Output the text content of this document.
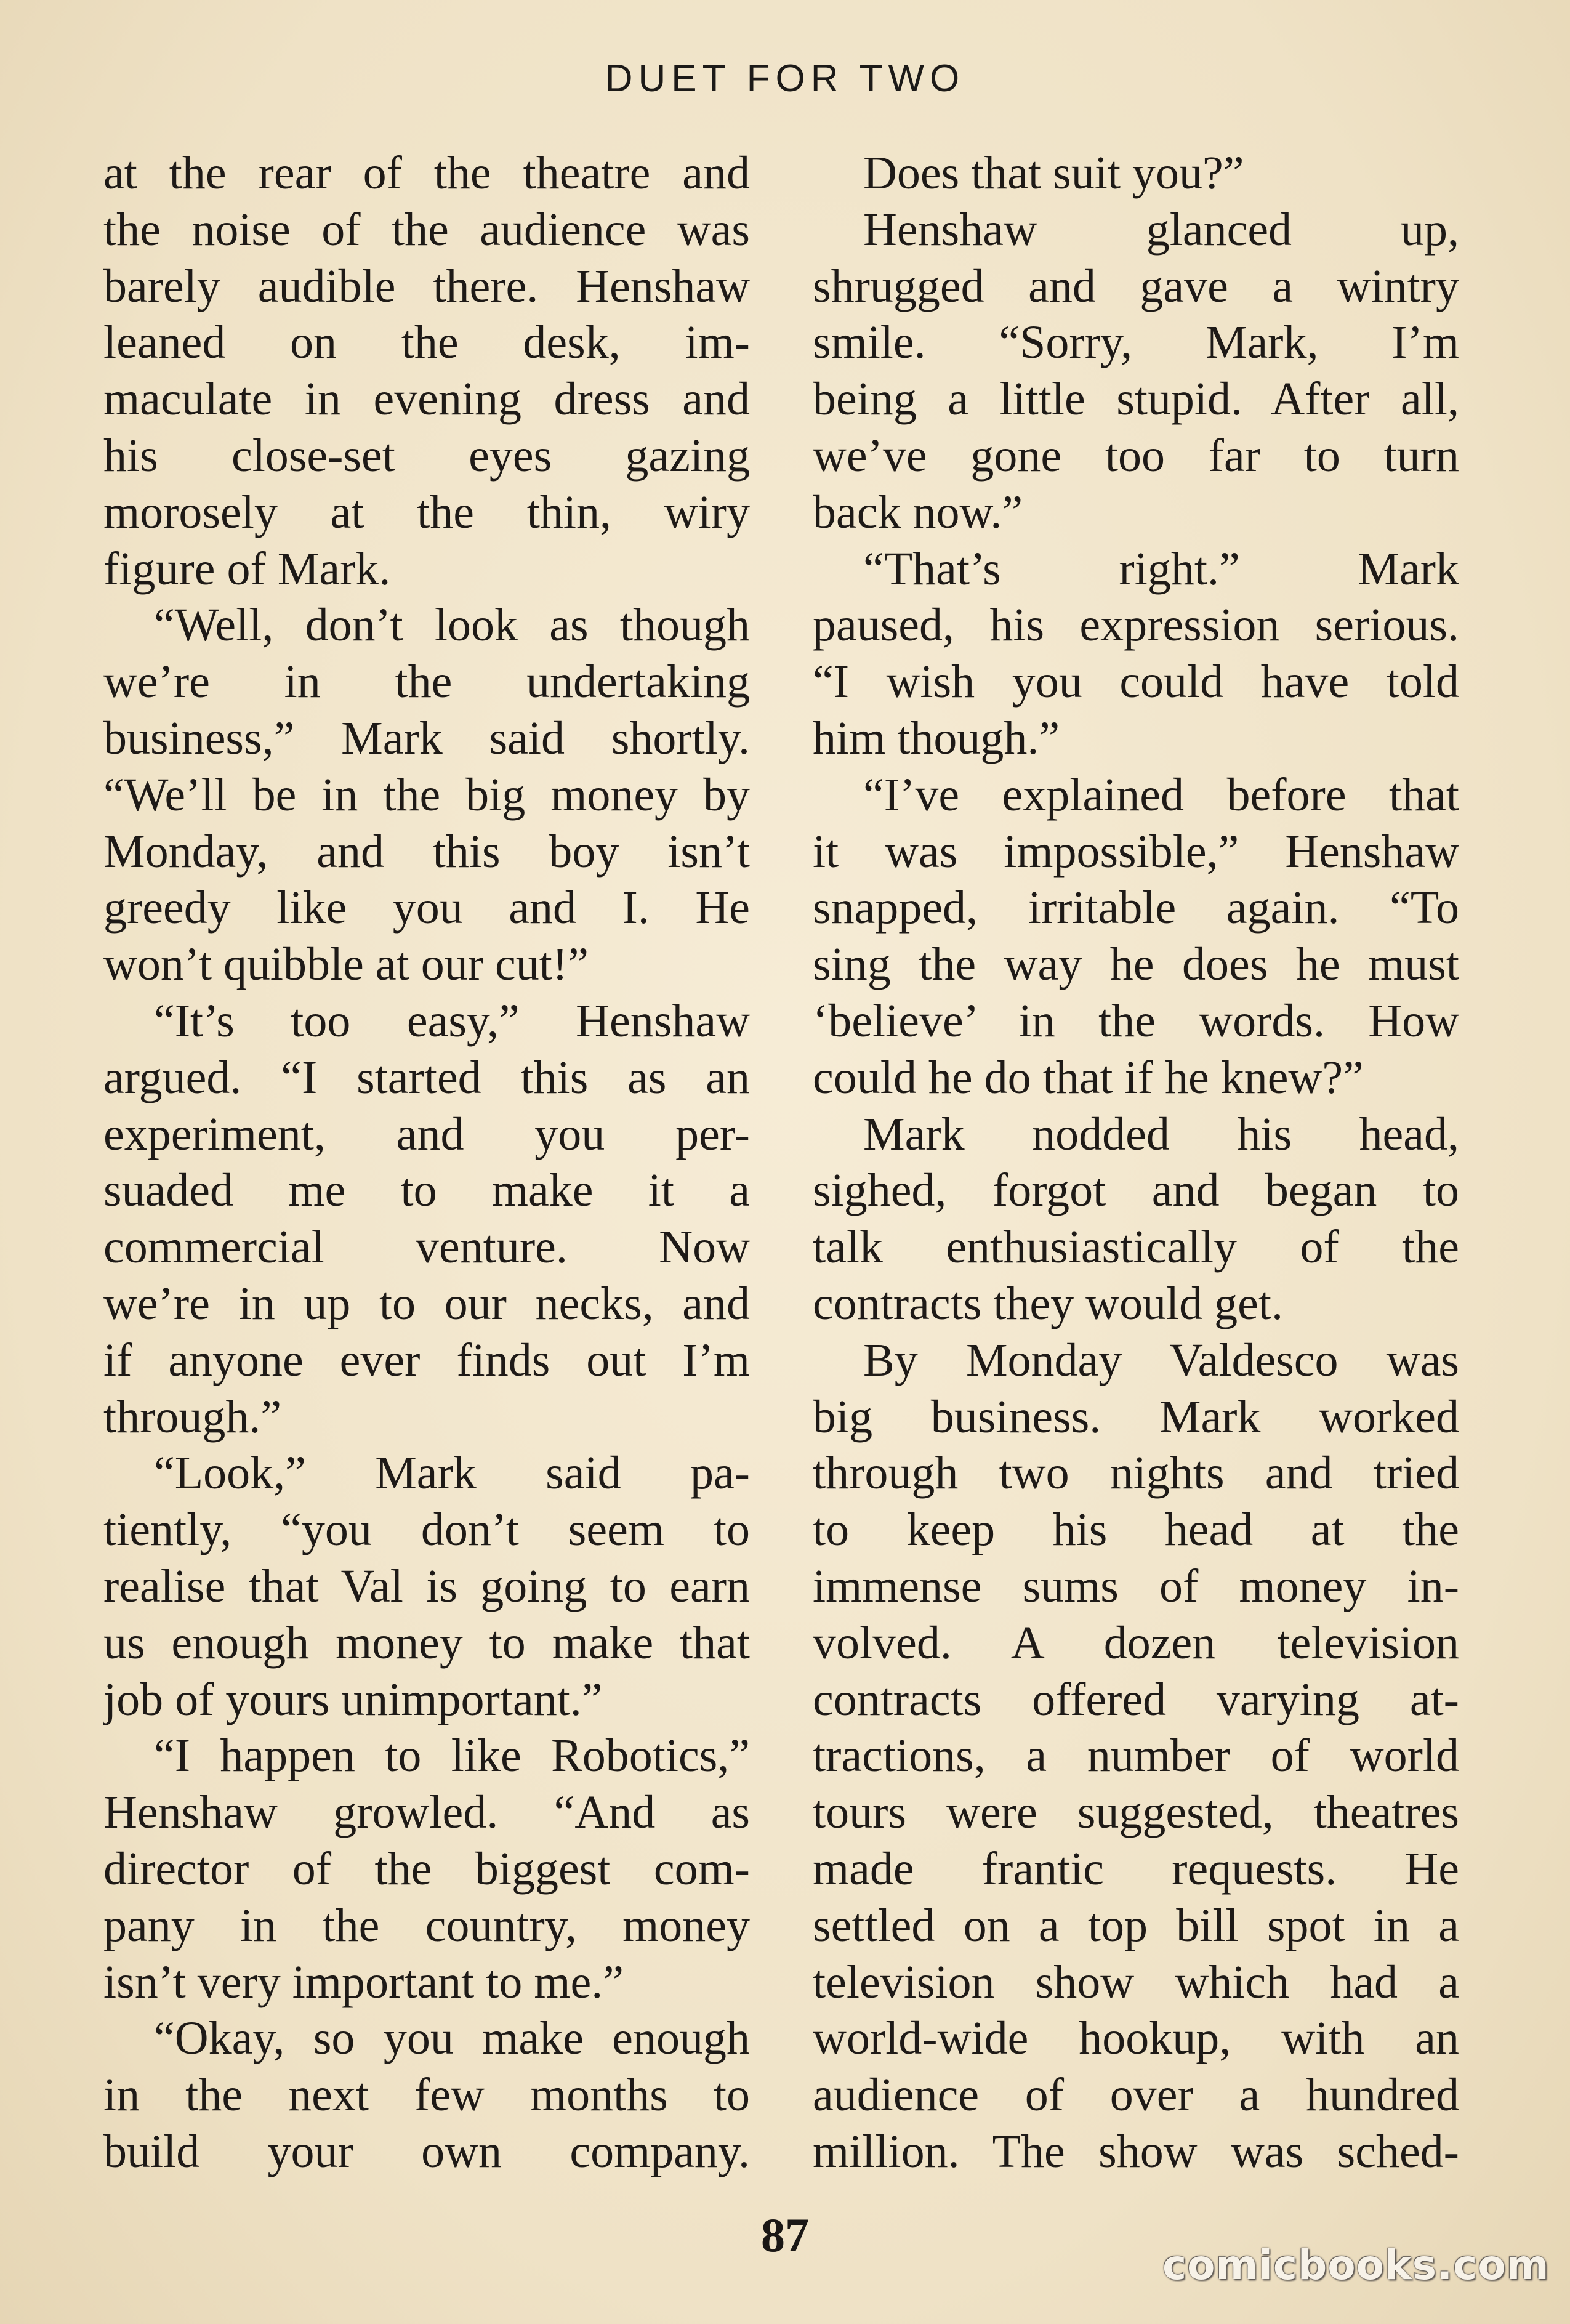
DUET FOR TWO
at the rear of the theatre and
the noise of the audience was
barely audible there. Henshaw
leaned on the desk, im-
maculate in evening dress and
his close-set eyes gazing
morosely at the thin, wiry
figure of Mark.
“Well, don’t look as though
we’re in the undertaking
business,” Mark said shortly.
“We’ll be in the big money by
Monday, and this boy isn’t
greedy like you and I. He
won’t quibble at our cut!”
“It’s too easy,” Henshaw
argued. “I started this as an
experiment, and you per-
suaded me to make it a
commercial venture. Now
we’re in up to our necks, and
if anyone ever finds out I’m
through.”
“Look,” Mark said pa-
tiently, “you don’t seem to
realise that Val is going to earn
us enough money to make that
job of yours unimportant.”
“I happen to like Robotics,”
Henshaw growled. “And as
director of the biggest com-
pany in the country, money
isn’t very important to me.”
“Okay, so you make enough
in the next few months to
build your own company.
Does that suit you?”
Henshaw glanced up,
shrugged and gave a wintry
smile. “Sorry, Mark, I’m
being a little stupid. After all,
we’ve gone too far to turn
back now.”
“That’s right.” Mark
paused, his expression serious.
“I wish you could have told
him though.”
“I’ve explained before that
it was impossible,” Henshaw
snapped, irritable again. “To
sing the way he does he must
‘believe’ in the words. How
could he do that if he knew?”
Mark nodded his head,
sighed, forgot and began to
talk enthusiastically of the
contracts they would get.
By Monday Valdesco was
big business. Mark worked
through two nights and tried
to keep his head at the
immense sums of money in-
volved. A dozen television
contracts offered varying at-
tractions, a number of world
tours were suggested, theatres
made frantic requests. He
settled on a top bill spot in a
television show which had a
world-wide hookup, with an
audience of over a hundred
million. The show was sched-
87
comicbooks.com
